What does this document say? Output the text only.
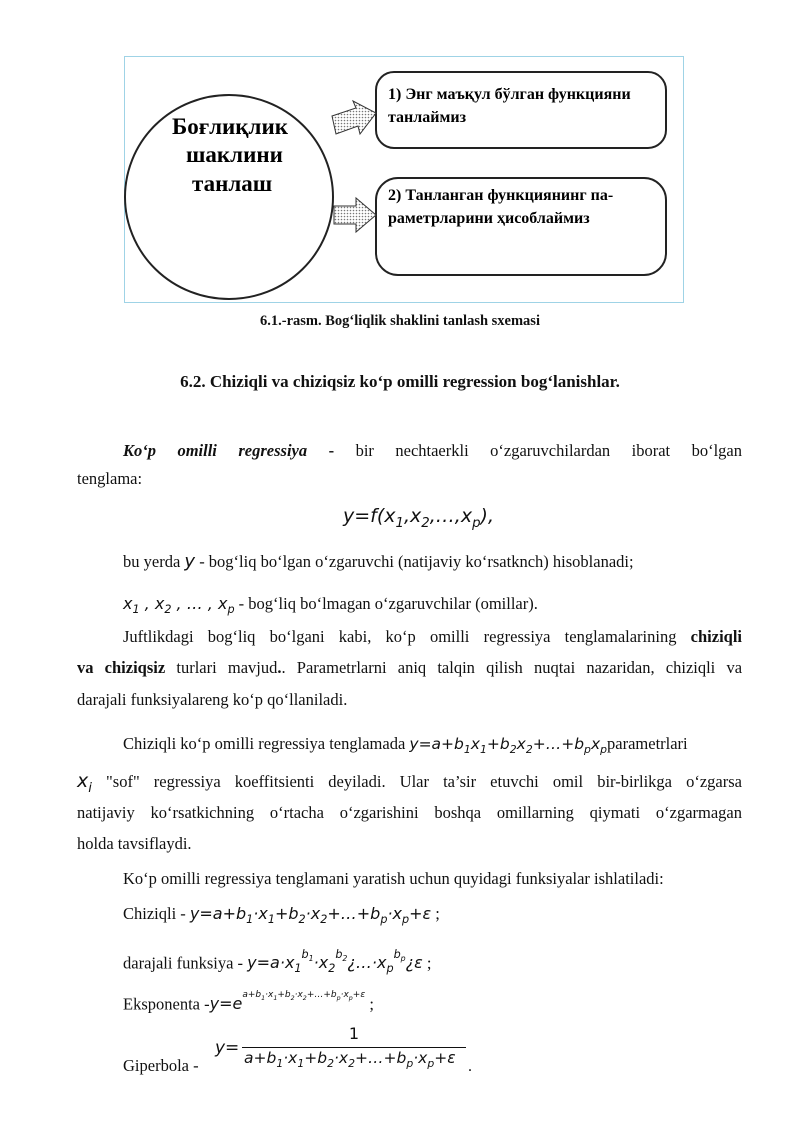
Боғлиқлик
шаклини
танлаш
1) Энг маъқул бўлган функцияни
танлаймиз
2) Танланган функциянинг па-
раметрларини ҳисоблаймиз
6.1.-rasm. Bog‘liqlik shaklini tanlash sxemasi
6.2. Chiziqli va chiziqsiz ko‘p omilli regression bog‘lanishlar.
Ko‘p omilli regressiya - bir nechtaerkli o‘zgaruvchilardan iborat bo‘lgan
tenglama:
$y=f(x_1,x_2,\dots,x_p)$,
bu yerda y - bog‘liq bo‘lgan o‘zgaruvchi (natijaviy ko‘rsatknch) hisoblanadi;
$x_1$ , $x_2$ , … , $x_p$ - bog‘liq bo‘lmagan o‘zgaruvchilar (omillar).
Juftlikdagi bog‘liq bo‘lgani kabi, ko‘p omilli regressiya tenglamalarining chiziqli
va chiziqsiz turlari mavjud.. Parametrlarni aniq talqin qilish nuqtai nazaridan, chiziqli va
darajali funksiyalareng ko‘p qo‘llaniladi.
Chiziqli ko‘p omilli regressiya tenglamada $y=a+b_1x_1+b_2x_2+\dots+b_px_pparametrlari$
$x_i$ "sof" regressiya koeffitsienti deyiladi. Ular ta’sir etuvchi omil bir-birlikga o‘zgarsa
natijaviy ko‘rsatkichning o‘rtacha o‘zgarishini boshqa omillarning qiymati o‘zgarmagan
holda tavsiflaydi.
Ko‘p omilli regressiya tenglamani yaratish uchun quyidagi funksiyalar ishlatiladi:
Chiziqli - $y=a+b_1\cdot x_1+b_2\cdot x_2+\dots+b_p\cdot x_p+\varepsilon$ ;
darajali funksiya - $y=a\cdot x_1^{b_1}\cdot x_2^{b_2}¿\dots\cdot x_p^{b_p}¿\varepsilon$ ;
Eksponenta $-y=e^{a+b_1\cdot x_1+b_2\cdot x_2+\dots+b_p\cdot x_p+\varepsilon}$ ;
Giperbola -
y=
1
$a+b_1\cdot x_1+b_2\cdot x_2+\dots+b_p\cdot x_p+\varepsilon$ .
